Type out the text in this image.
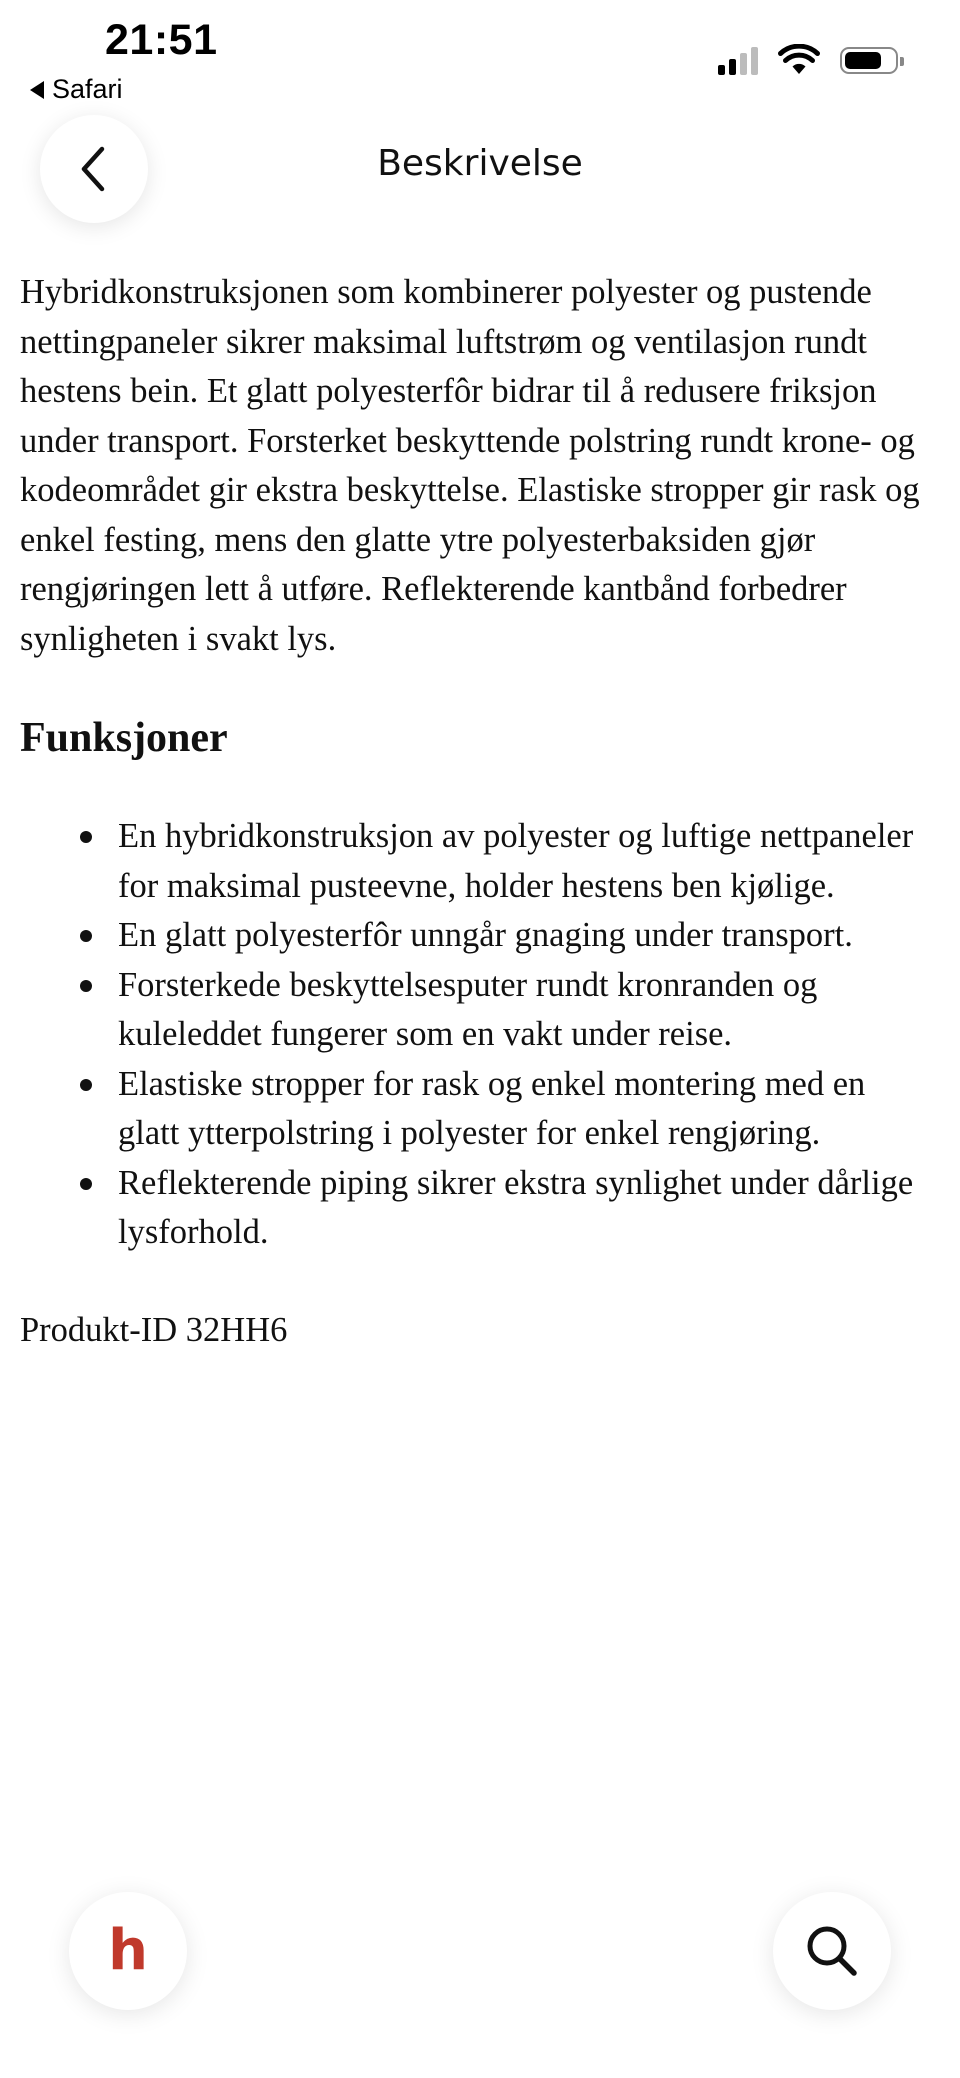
21:51
Safari
Beskrivelse

Hybridkonstruksjonen som kombinerer polyester og pustende nettingpaneler sikrer maksimal luftstrøm og ventilasjon rundt hestens bein. Et glatt polyesterfôr bidrar til å redusere friksjon under transport. Forsterket beskyttende polstring rundt krone- og kodeområdet gir ekstra beskyttelse. Elastiske stropper gir rask og enkel festing, mens den glatte ytre polyesterbaksiden gjør rengjøringen lett å utføre. Reflekterende kantbånd forbedrer synligheten i svakt lys.

Funksjoner
En hybridkonstruksjon av polyester og luftige nettpaneler for maksimal pusteevne, holder hestens ben kjølige.
En glatt polyesterfôr unngår gnaging under transport.
Forsterkede beskyttelsesputer rundt kronranden og kuleleddet fungerer som en vakt under reise.
Elastiske stropper for rask og enkel montering med en glatt ytterpolstring i polyester for enkel rengjøring.
Reflekterende piping sikrer ekstra synlighet under dårlige lysforhold.

Produkt-ID 32HH6

h
